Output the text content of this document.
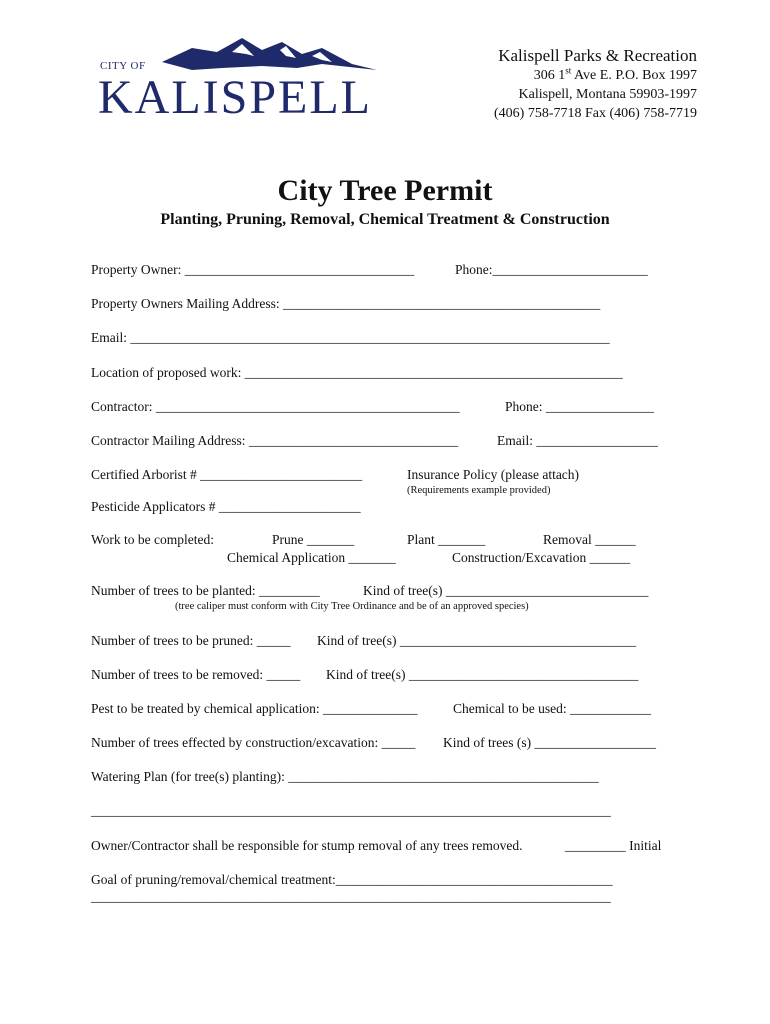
CITY OF
KALISPELL
Kalispell Parks & Recreation
306 1st Ave E. P.O. Box 1997
Kalispell, Montana 59903-1997
(406) 758-7718 Fax (406) 758-7719
City Tree Permit
Planting, Pruning, Removal, Chemical Treatment & Construction
Property Owner: __________________________________	Phone:_______________________
Property Owners Mailing Address: _______________________________________________
Email: _______________________________________________________________________
Location of proposed work: ________________________________________________________
Contractor: _____________________________________________	Phone: ________________
Contractor Mailing Address: _______________________________	Email: __________________
Certified Arborist # ________________________	Insurance Policy (please attach)
(Requirements example provided)
Pesticide Applicators # _____________________
Work to be completed:	Prune _______	Plant _______	Removal ______
Chemical Application _______	Construction/Excavation ______
Number of trees to be planted: _________	Kind of tree(s) ______________________________
(tree caliper must conform with City Tree Ordinance and be of an approved species)
Number of trees to be pruned: _____ Kind of tree(s) ___________________________________
Number of trees to be removed: _____ Kind of tree(s) __________________________________
Pest to be treated by chemical application: ______________	Chemical to be used: ____________
Number of trees effected by construction/excavation: _____ Kind of trees (s) __________________
Watering Plan (for tree(s) planting): ______________________________________________
_____________________________________________________________________________
Owner/Contractor shall be responsible for stump removal of any trees removed.	_________ Initial
Goal of pruning/removal/chemical treatment:_________________________________________
_____________________________________________________________________________
